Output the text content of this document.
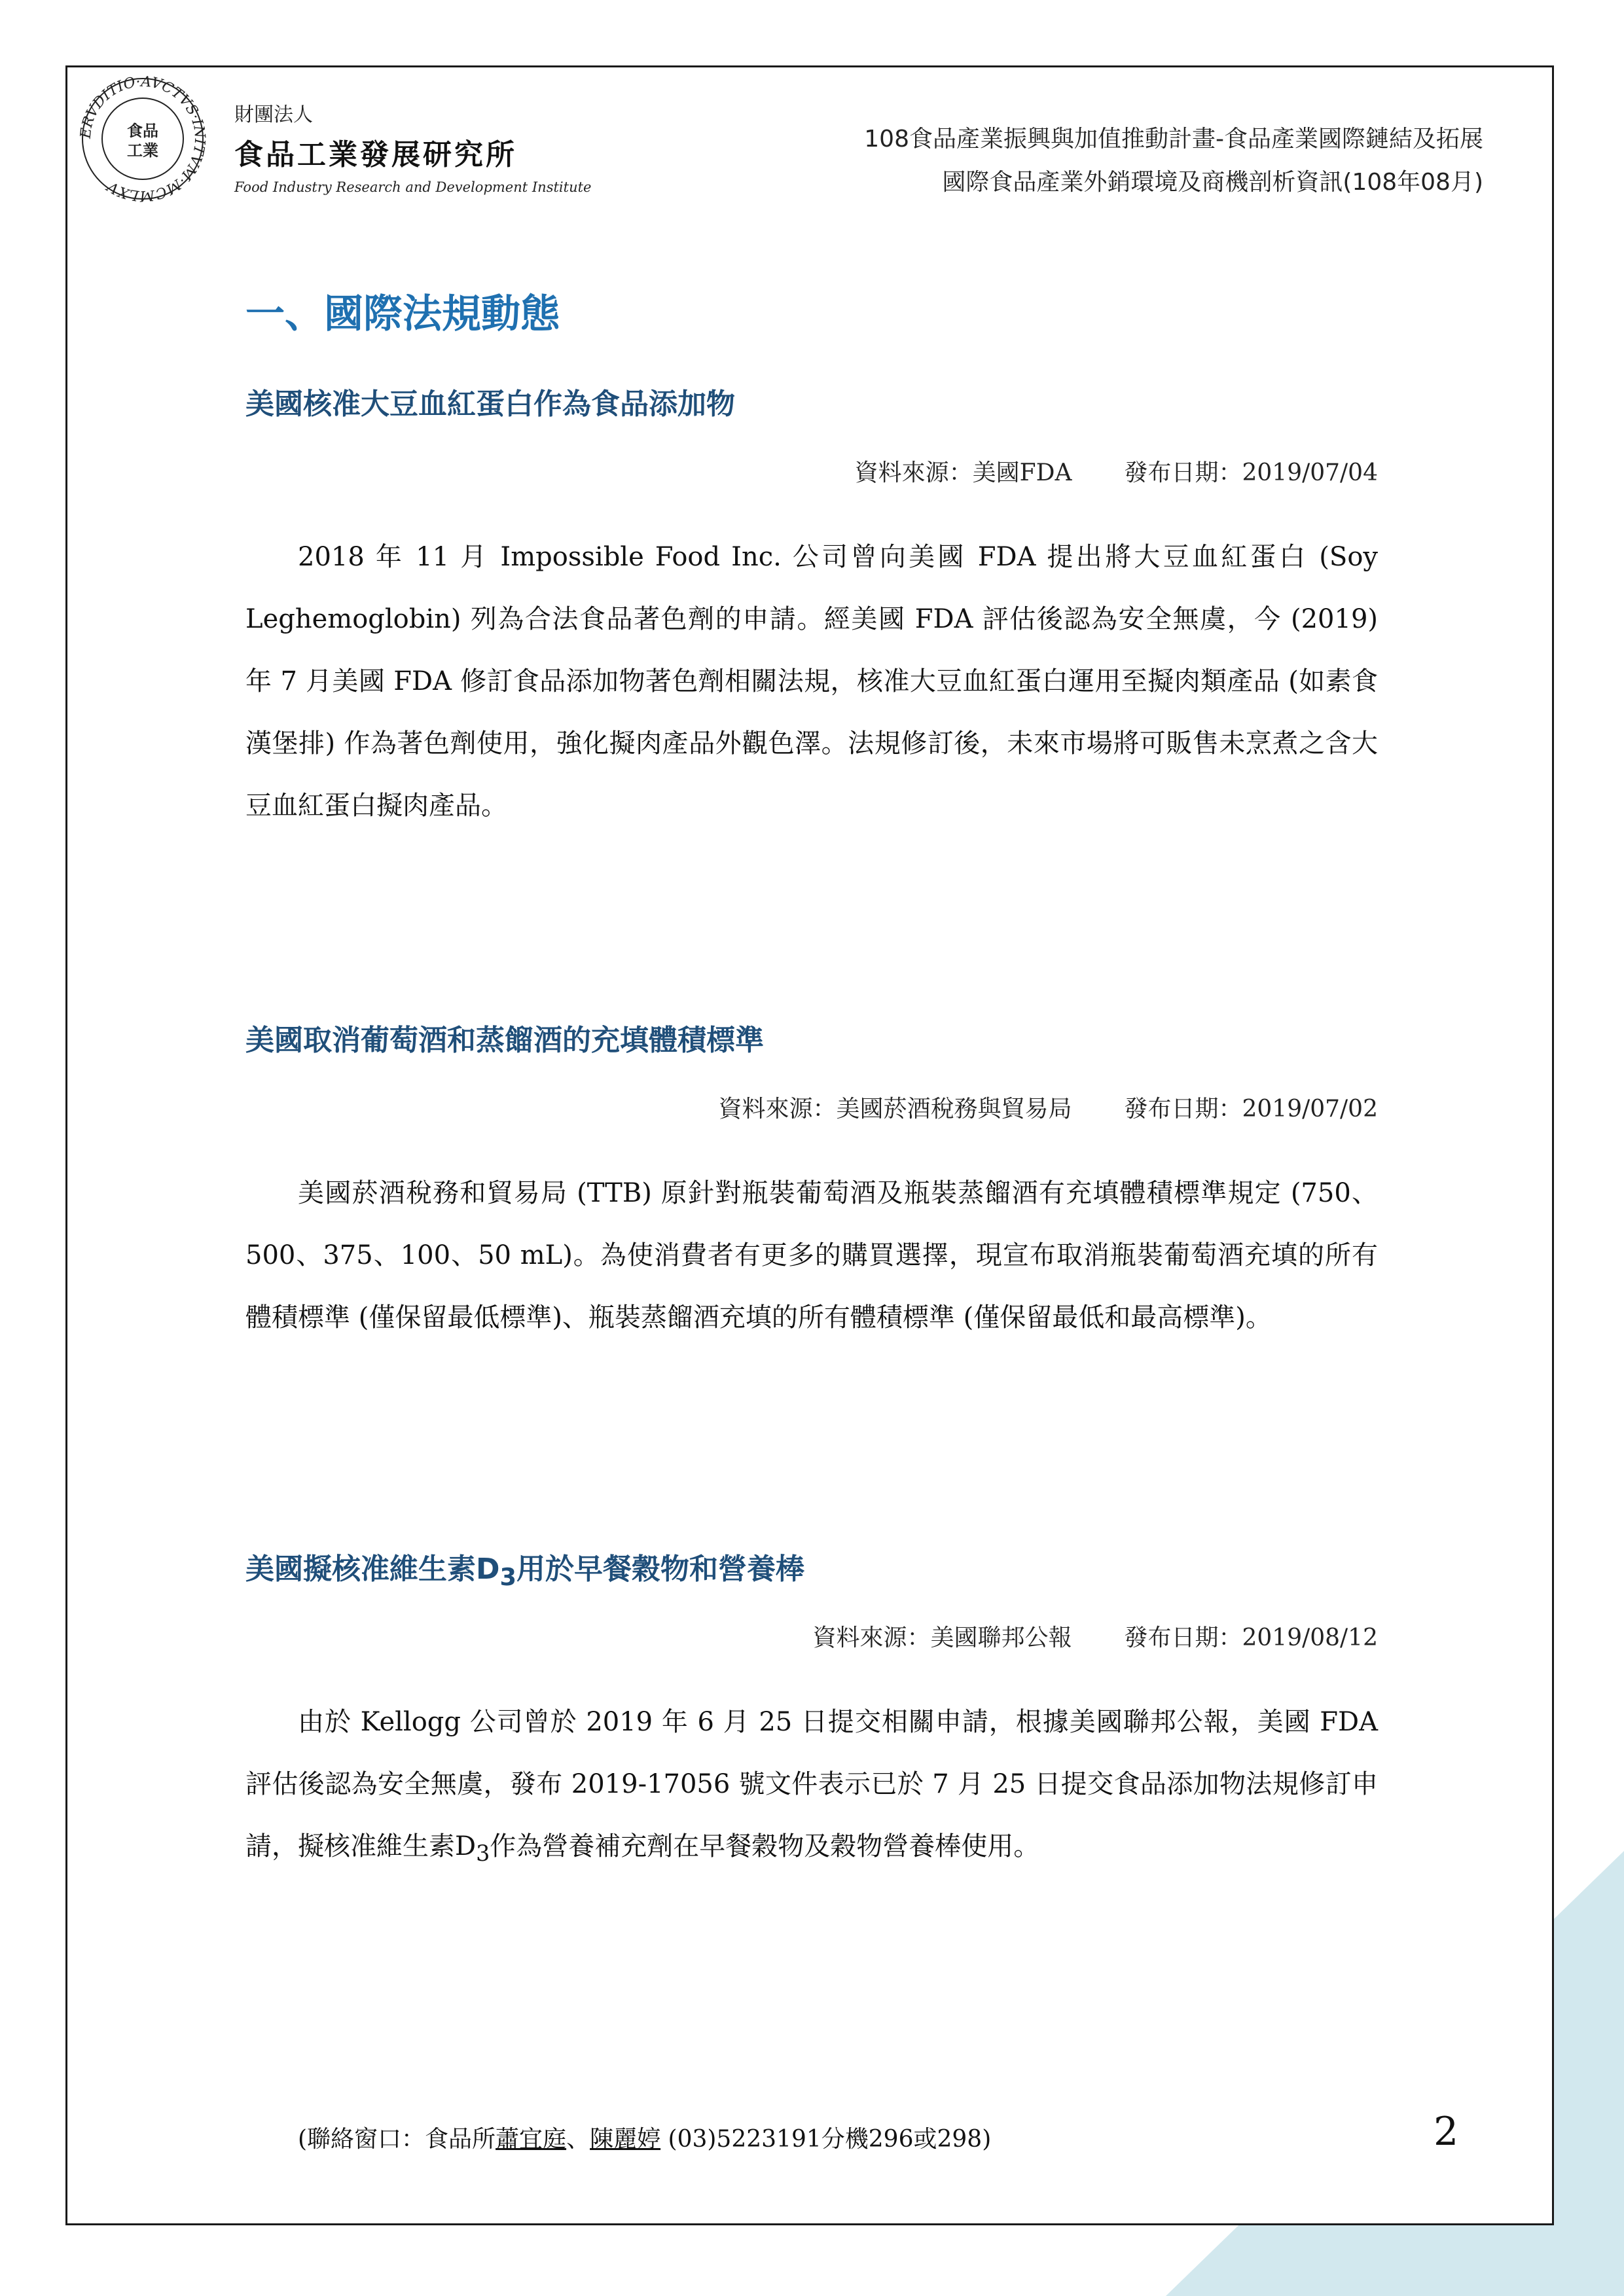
ERVDITIO·AVCTVS·INITVM·MCMLXV
食品
工業
財團法人
食品工業發展研究所
Food Industry Research and Development Institute
108食品產業振興與加值推動計畫-食品產業國際鏈結及拓展
國際食品產業外銷環境及商機剖析資訊(108年08月)
一、國際法規動態
美國核准大豆血紅蛋白作為食品添加物
資料來源：美國FDA 發布日期：2019/07/04
2018 年 11 月 Impossible Food Inc. 公司曾向美國 FDA 提出將大豆血紅蛋白 (Soy Leghemoglobin) 列為合法食品著色劑的申請。經美國 FDA 評估後認為安全無虞，今 (2019) 年 7 月美國 FDA 修訂食品添加物著色劑相關法規，核准大豆血紅蛋白運用至擬肉類產品 (如素食漢堡排) 作為著色劑使用，強化擬肉產品外觀色澤。法規修訂後，未來市場將可販售未烹煮之含大豆血紅蛋白擬肉產品。
美國取消葡萄酒和蒸餾酒的充填體積標準
資料來源：美國菸酒稅務與貿易局 發布日期：2019/07/02
美國菸酒稅務和貿易局 (TTB) 原針對瓶裝葡萄酒及瓶裝蒸餾酒有充填體積標準規定 (750、500、375、100、50 mL)。為使消費者有更多的購買選擇，現宣布取消瓶裝葡萄酒充填的所有體積標準 (僅保留最低標準)、瓶裝蒸餾酒充填的所有體積標準 (僅保留最低和最高標準)。
美國擬核准維生素$D_3$用於早餐穀物和營養棒
資料來源：美國聯邦公報 發布日期：2019/08/12
由於 Kellogg 公司曾於 2019 年 6 月 25 日提交相關申請，根據美國聯邦公報，美國 FDA 評估後認為安全無虞，發布 2019-17056 號文件表示已於 7 月 25 日提交食品添加物法規修訂申請，擬核准維生素$D_3$作為營養補充劑在早餐穀物及穀物營養棒使用。
(聯絡窗口：食品所蕭宜庭、陳麗婷 (03)5223191分機296或298)	2
